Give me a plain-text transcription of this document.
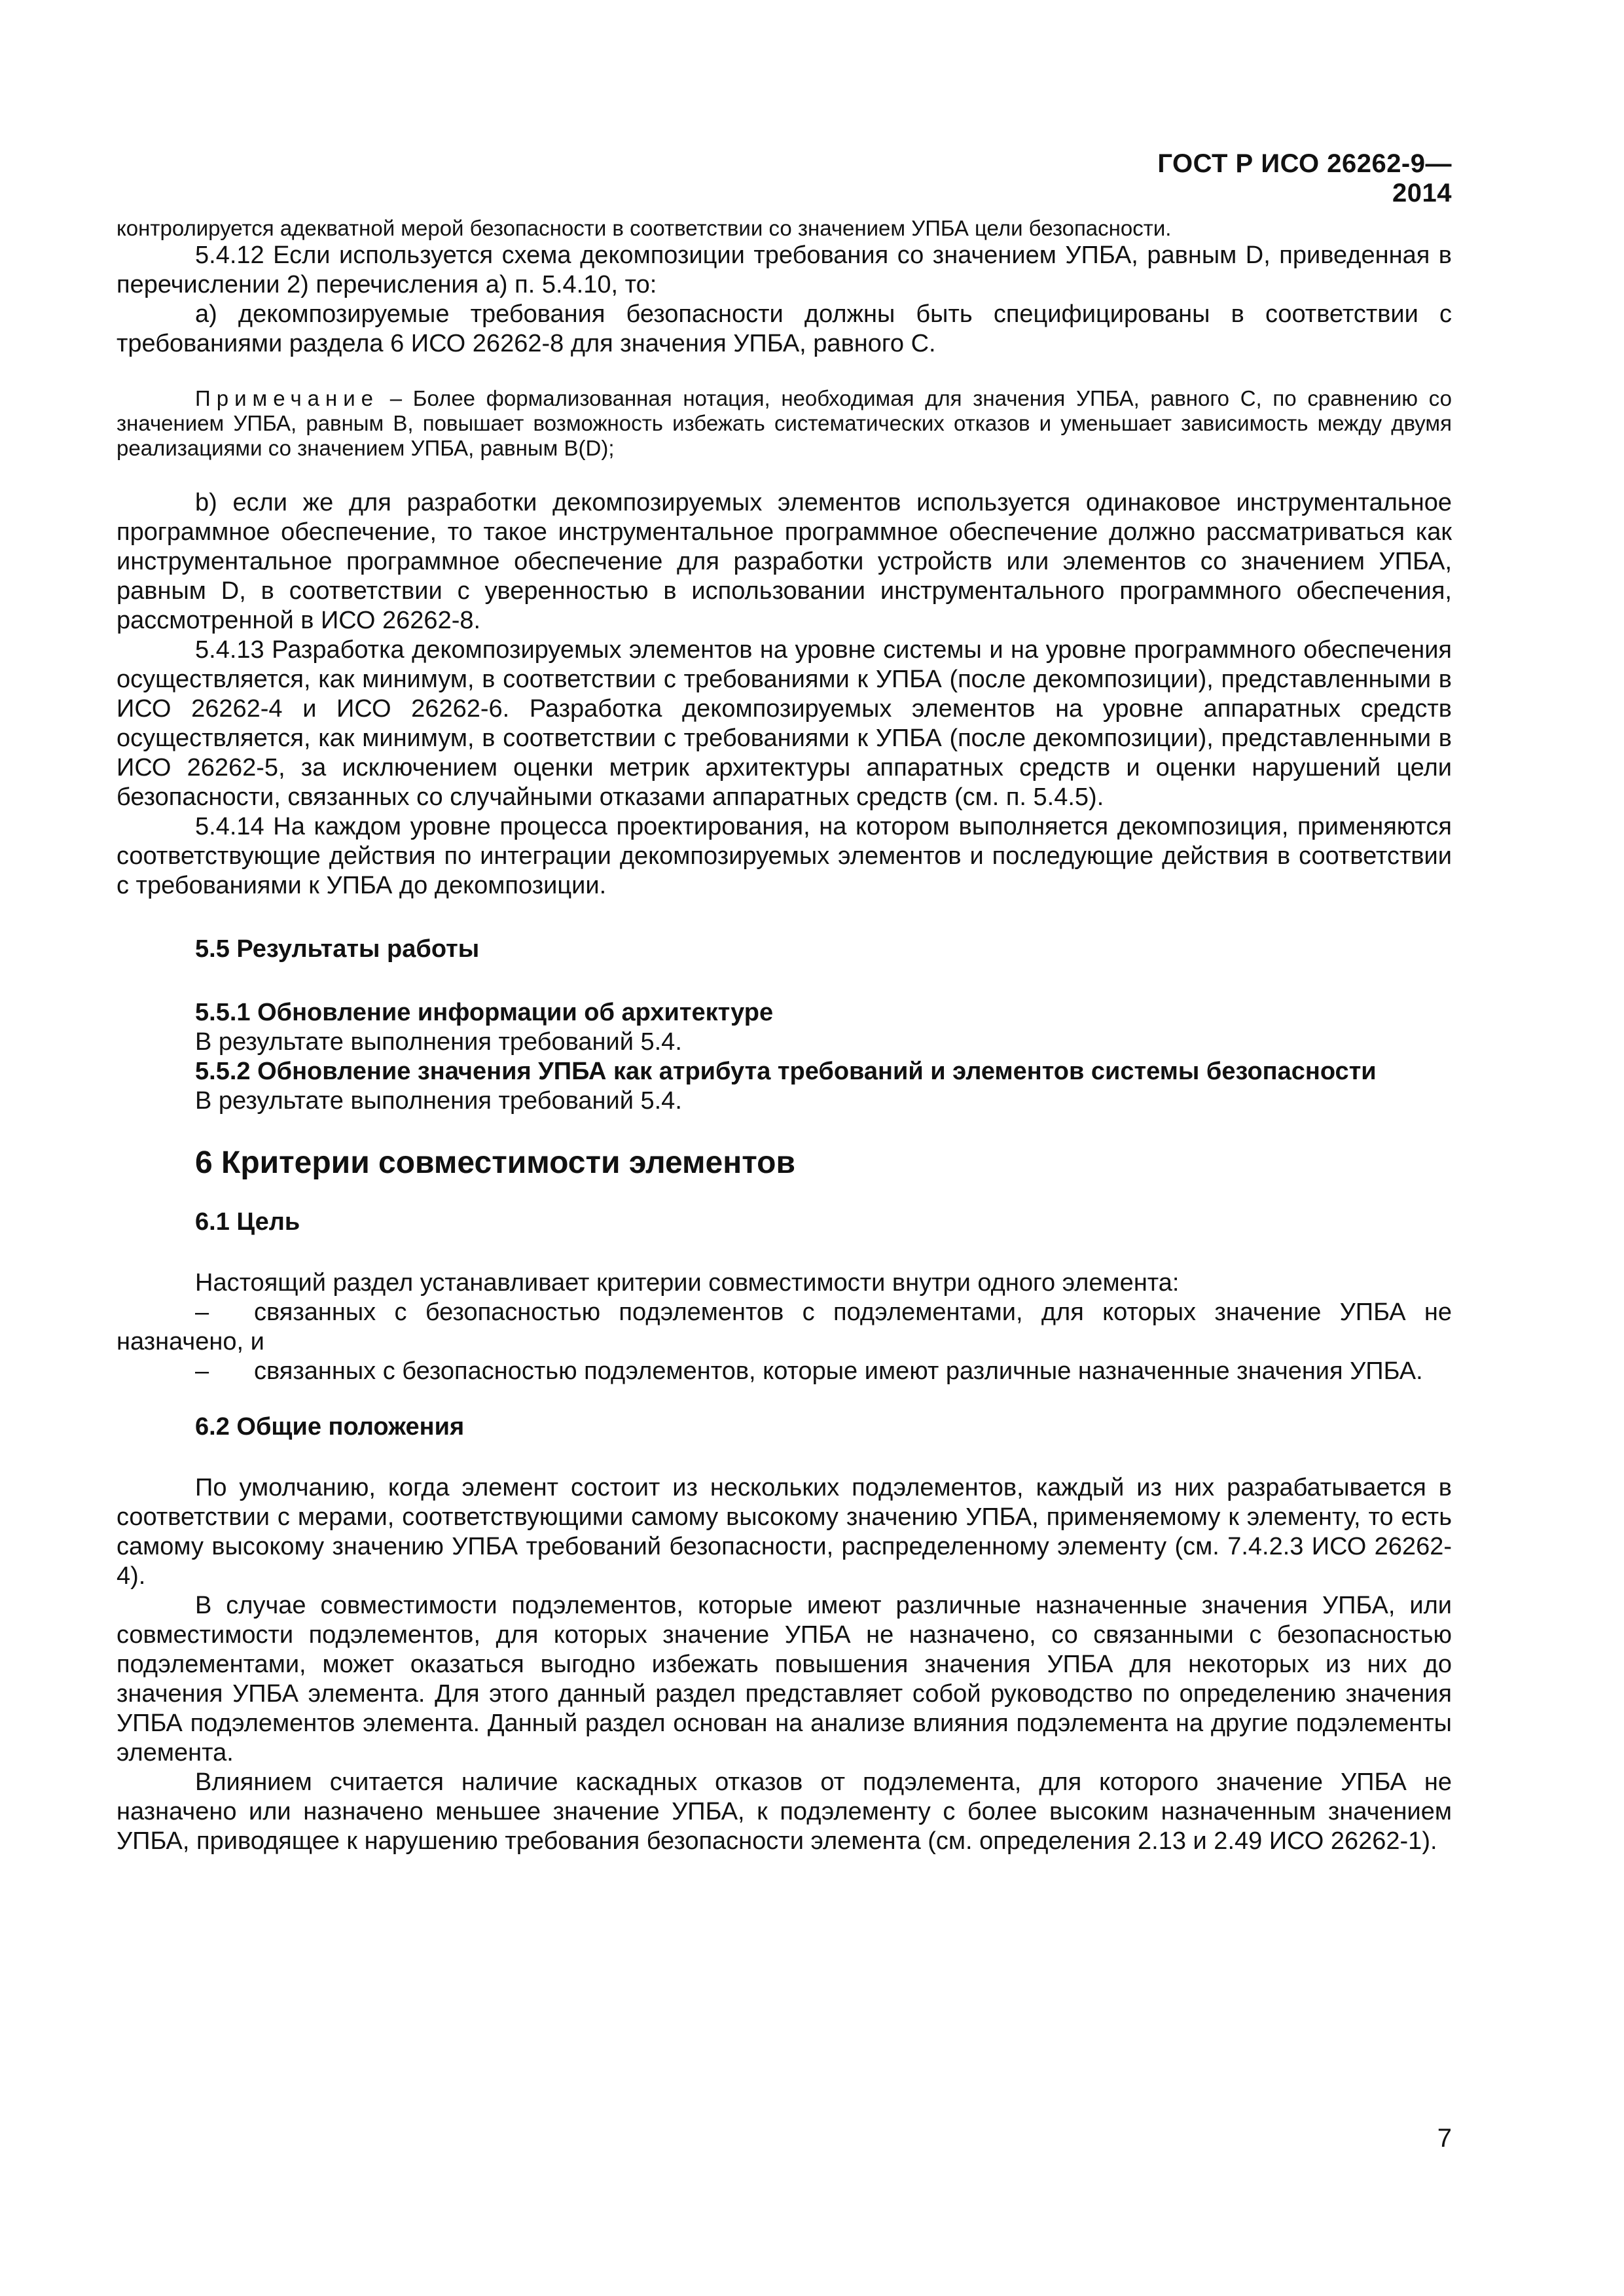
ГОСТ Р ИСО 26262-9—2014

контролируется адекватной мерой безопасности в соответствии со значением УПБА цели безопасности.

5.4.12 Если используется схема декомпозиции требования со значением УПБА, равным D, приведенная в перечислении 2) перечисления а) п. 5.4.10, то:

а) декомпозируемые требования безопасности должны быть специфицированы в соответствии с требованиями раздела 6 ИСО 26262-8 для значения УПБА, равного С.

Примечание – Более формализованная нотация, необходимая для значения УПБА, равного С, по сравнению со значением УПБА, равным В, повышает возможность избежать систематических отказов и уменьшает зависимость между двумя реализациями со значением УПБА, равным В(D);

b) если же для разработки декомпозируемых элементов используется одинаковое инструментальное программное обеспечение, то такое инструментальное программное обеспечение должно рассматриваться как инструментальное программное обеспечение для разработки устройств или элементов со значением УПБА, равным D, в соответствии с уверенностью в использовании инструментального программного обеспечения, рассмотренной в ИСО 26262-8.

5.4.13 Разработка декомпозируемых элементов на уровне системы и на уровне программного обеспечения осуществляется, как минимум, в соответствии с требованиями к УПБА (после декомпозиции), представленными в ИСО 26262-4 и ИСО 26262-6. Разработка декомпозируемых элементов на уровне аппаратных средств осуществляется, как минимум, в соответствии с требованиями к УПБА (после декомпозиции), представленными в ИСО 26262-5, за исключением оценки метрик архитектуры аппаратных средств и оценки нарушений цели безопасности, связанных со случайными отказами аппаратных средств (см. п. 5.4.5).

5.4.14 На каждом уровне процесса проектирования, на котором выполняется декомпозиция, применяются соответствующие действия по интеграции декомпозируемых элементов и последующие действия в соответствии с требованиями к УПБА до декомпозиции.

5.5 Результаты работы

5.5.1 Обновление информации об архитектуре

В результате выполнения требований 5.4.

5.5.2 Обновление значения УПБА как атрибута требований и элементов системы безопасности

В результате выполнения требований 5.4.

6 Критерии совместимости элементов

6.1 Цель

Настоящий раздел устанавливает критерии совместимости внутри одного элемента:

– связанных с безопасностью подэлементов с подэлементами, для которых значение УПБА не назначено, и

– связанных с безопасностью подэлементов, которые имеют различные назначенные значения УПБА.

6.2 Общие положения

По умолчанию, когда элемент состоит из нескольких подэлементов, каждый из них разрабатывается в соответствии с мерами, соответствующими самому высокому значению УПБА, применяемому к элементу, то есть самому высокому значению УПБА требований безопасности, распределенному элементу (см. 7.4.2.3 ИСО 26262-4).

В случае совместимости подэлементов, которые имеют различные назначенные значения УПБА, или совместимости подэлементов, для которых значение УПБА не назначено, со связанными с безопасностью подэлементами, может оказаться выгодно избежать повышения значения УПБА для некоторых из них до значения УПБА элемента. Для этого данный раздел представляет собой руководство по определению значения УПБА подэлементов элемента. Данный раздел основан на анализе влияния подэлемента на другие подэлементы элемента.

Влиянием считается наличие каскадных отказов от подэлемента, для которого значение УПБА не назначено или назначено меньшее значение УПБА, к подэлементу с более высоким назначенным значением УПБА, приводящее к нарушению требования безопасности элемента (см. определения 2.13 и 2.49 ИСО 26262-1).

7
